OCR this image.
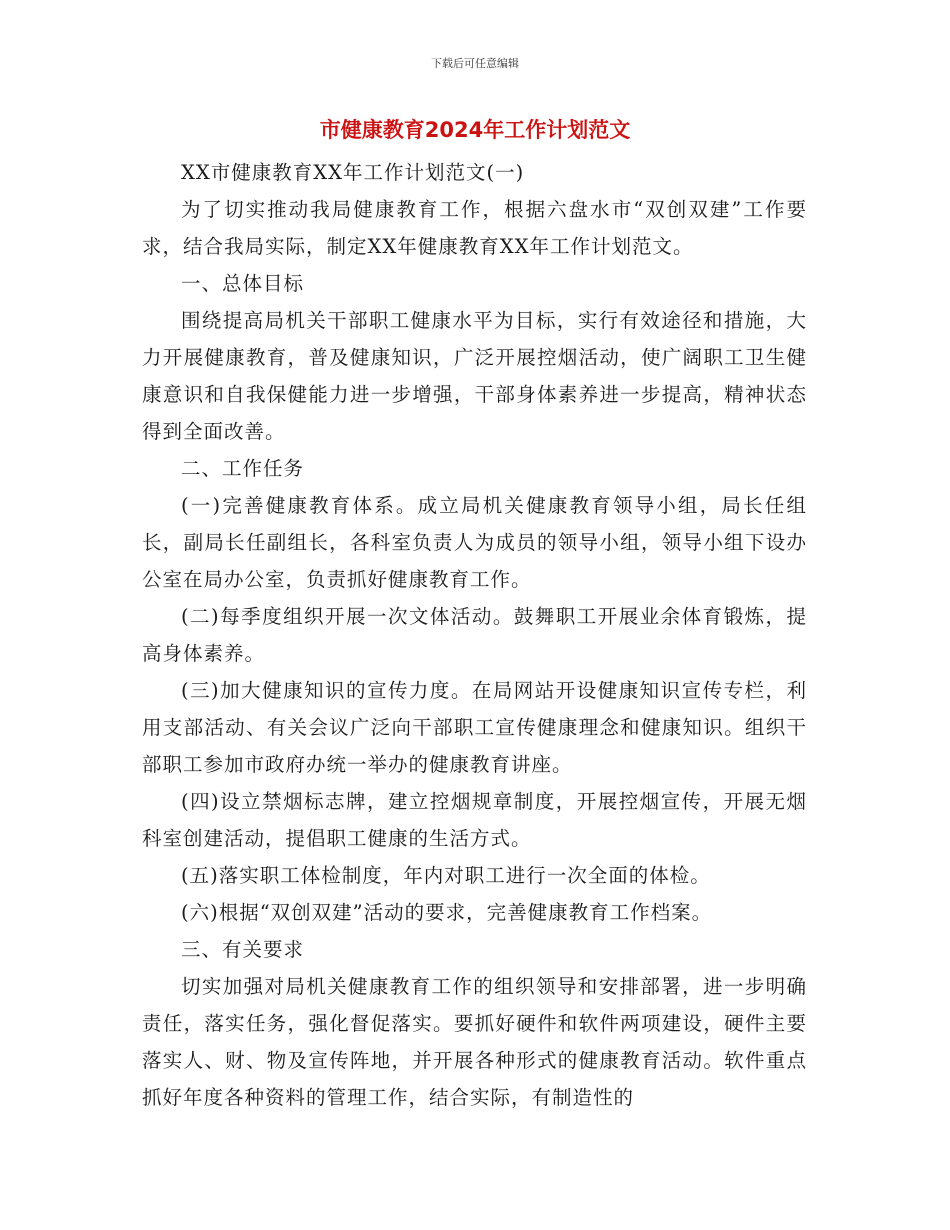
下载后可任意编辑
市健康教育2024年工作计划范文

XX市健康教育XX年工作计划范文(一)

为了切实推动我局健康教育工作，根据六盘水市“双创双建”工作要求，结合我局实际，制定XX年健康教育XX年工作计划范文。

一、总体目标

围绕提高局机关干部职工健康水平为目标，实行有效途径和措施，大力开展健康教育，普及健康知识，广泛开展控烟活动，使广阔职工卫生健康意识和自我保健能力进一步增强，干部身体素养进一步提高，精神状态得到全面改善。

二、工作任务

(一)完善健康教育体系。成立局机关健康教育领导小组，局长任组长，副局长任副组长，各科室负责人为成员的领导小组，领导小组下设办公室在局办公室，负责抓好健康教育工作。

(二)每季度组织开展一次文体活动。鼓舞职工开展业余体育锻炼，提高身体素养。

(三)加大健康知识的宣传力度。在局网站开设健康知识宣传专栏，利用支部活动、有关会议广泛向干部职工宣传健康理念和健康知识。组织干部职工参加市政府办统一举办的健康教育讲座。

(四)设立禁烟标志牌，建立控烟规章制度，开展控烟宣传，开展无烟科室创建活动，提倡职工健康的生活方式。

(五)落实职工体检制度，年内对职工进行一次全面的体检。

(六)根据“双创双建”活动的要求，完善健康教育工作档案。

三、有关要求

切实加强对局机关健康教育工作的组织领导和安排部署，进一步明确责任，落实任务，强化督促落实。要抓好硬件和软件两项建设，硬件主要落实人、财、物及宣传阵地，并开展各种形式的健康教育活动。软件重点抓好年度各种资料的管理工作，结合实际，有制造性的
